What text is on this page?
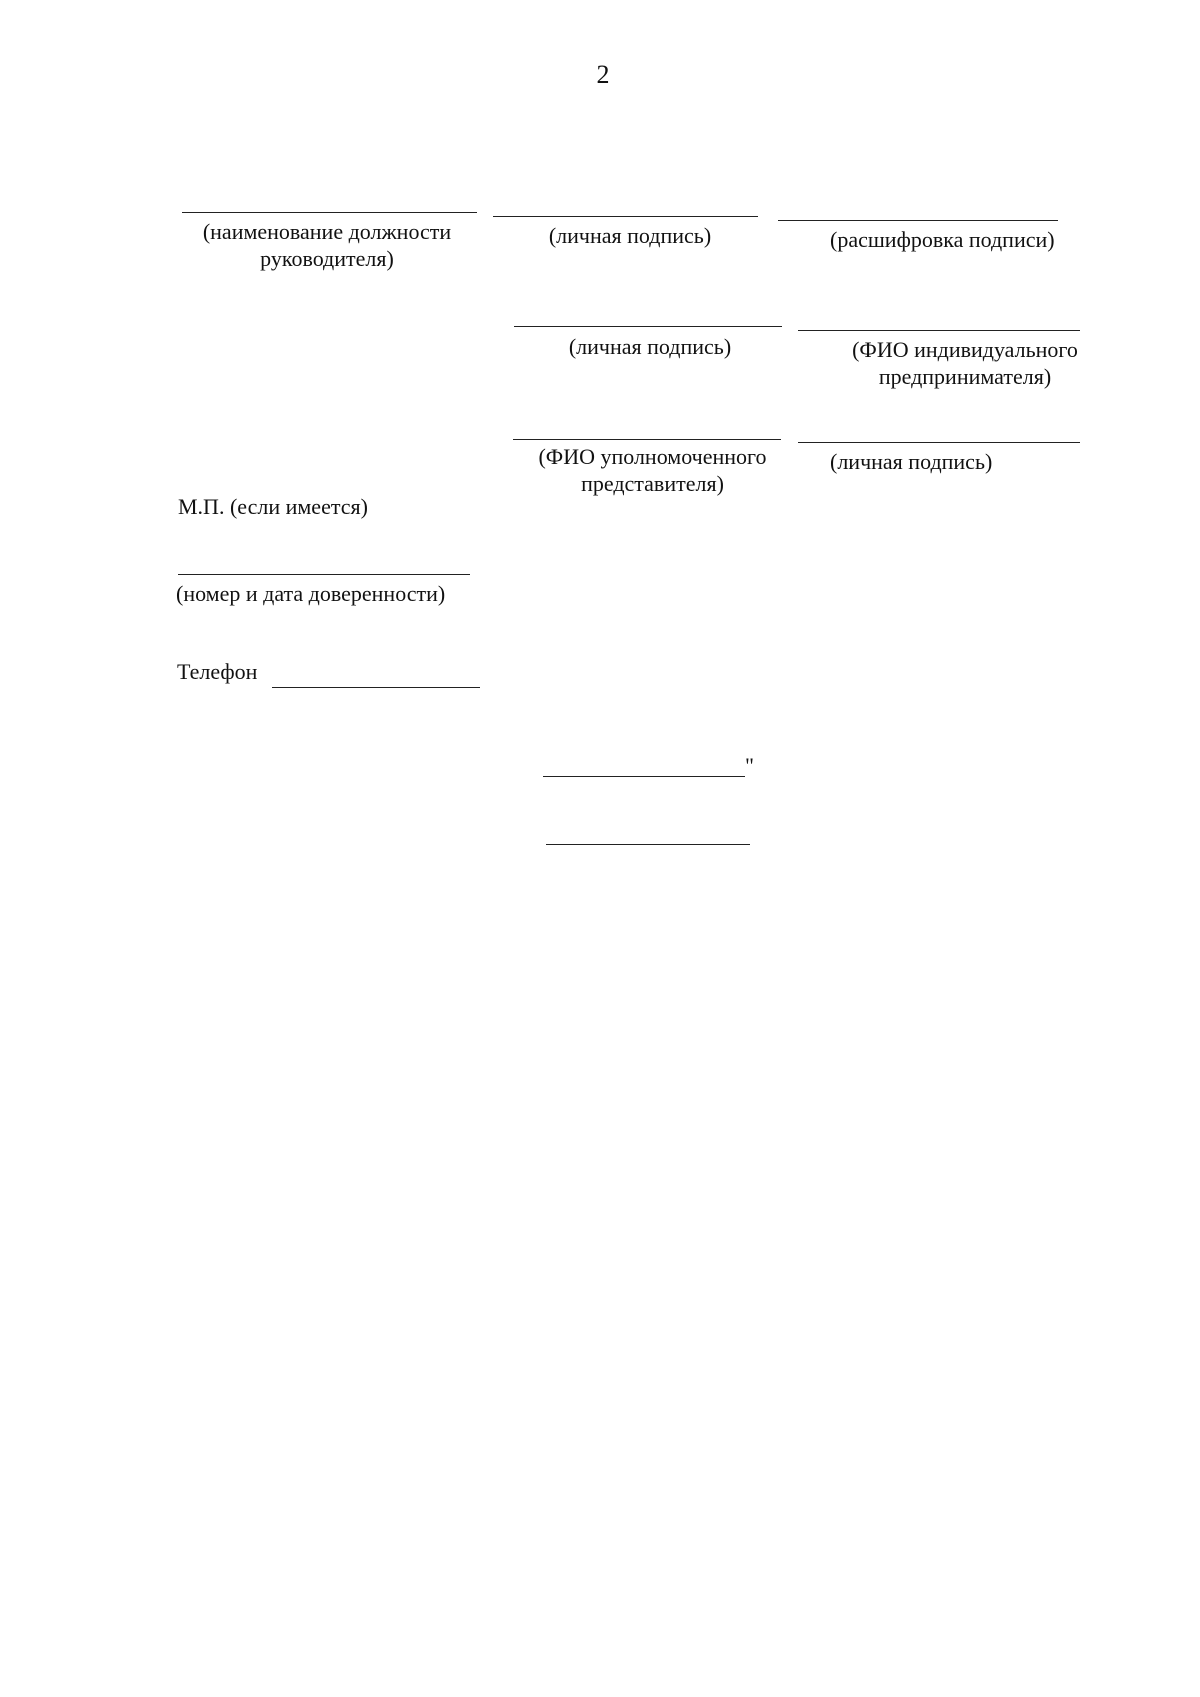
2
(наименование должности
руководителя)
(личная подпись)	(расшифровка подписи)
(личная подпись)	(ФИО индивидуального
предпринимателя)
(ФИО уполномоченного
представителя)
(личная подпись)
М.П. (если имеется)
(номер и дата доверенности)
Телефон
"
